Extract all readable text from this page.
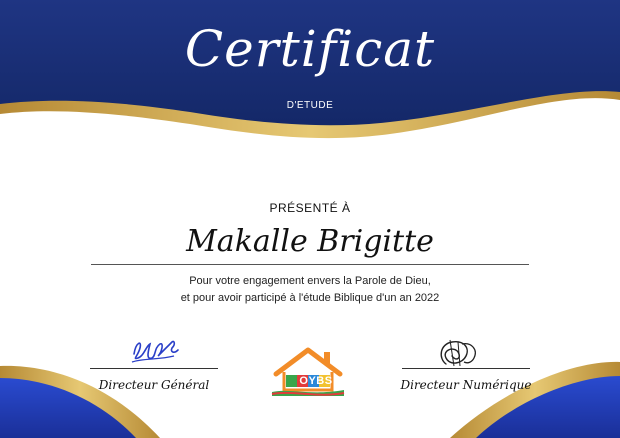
Certificat
D'ETUDE
PRÉSENTÉ À
Makalle Brigitte
Pour votre engagement envers la Parole de Dieu,
et pour avoir participé à l'étude Biblique d'un an 2022
Directeur Général	Directeur Numérique
OYBS
